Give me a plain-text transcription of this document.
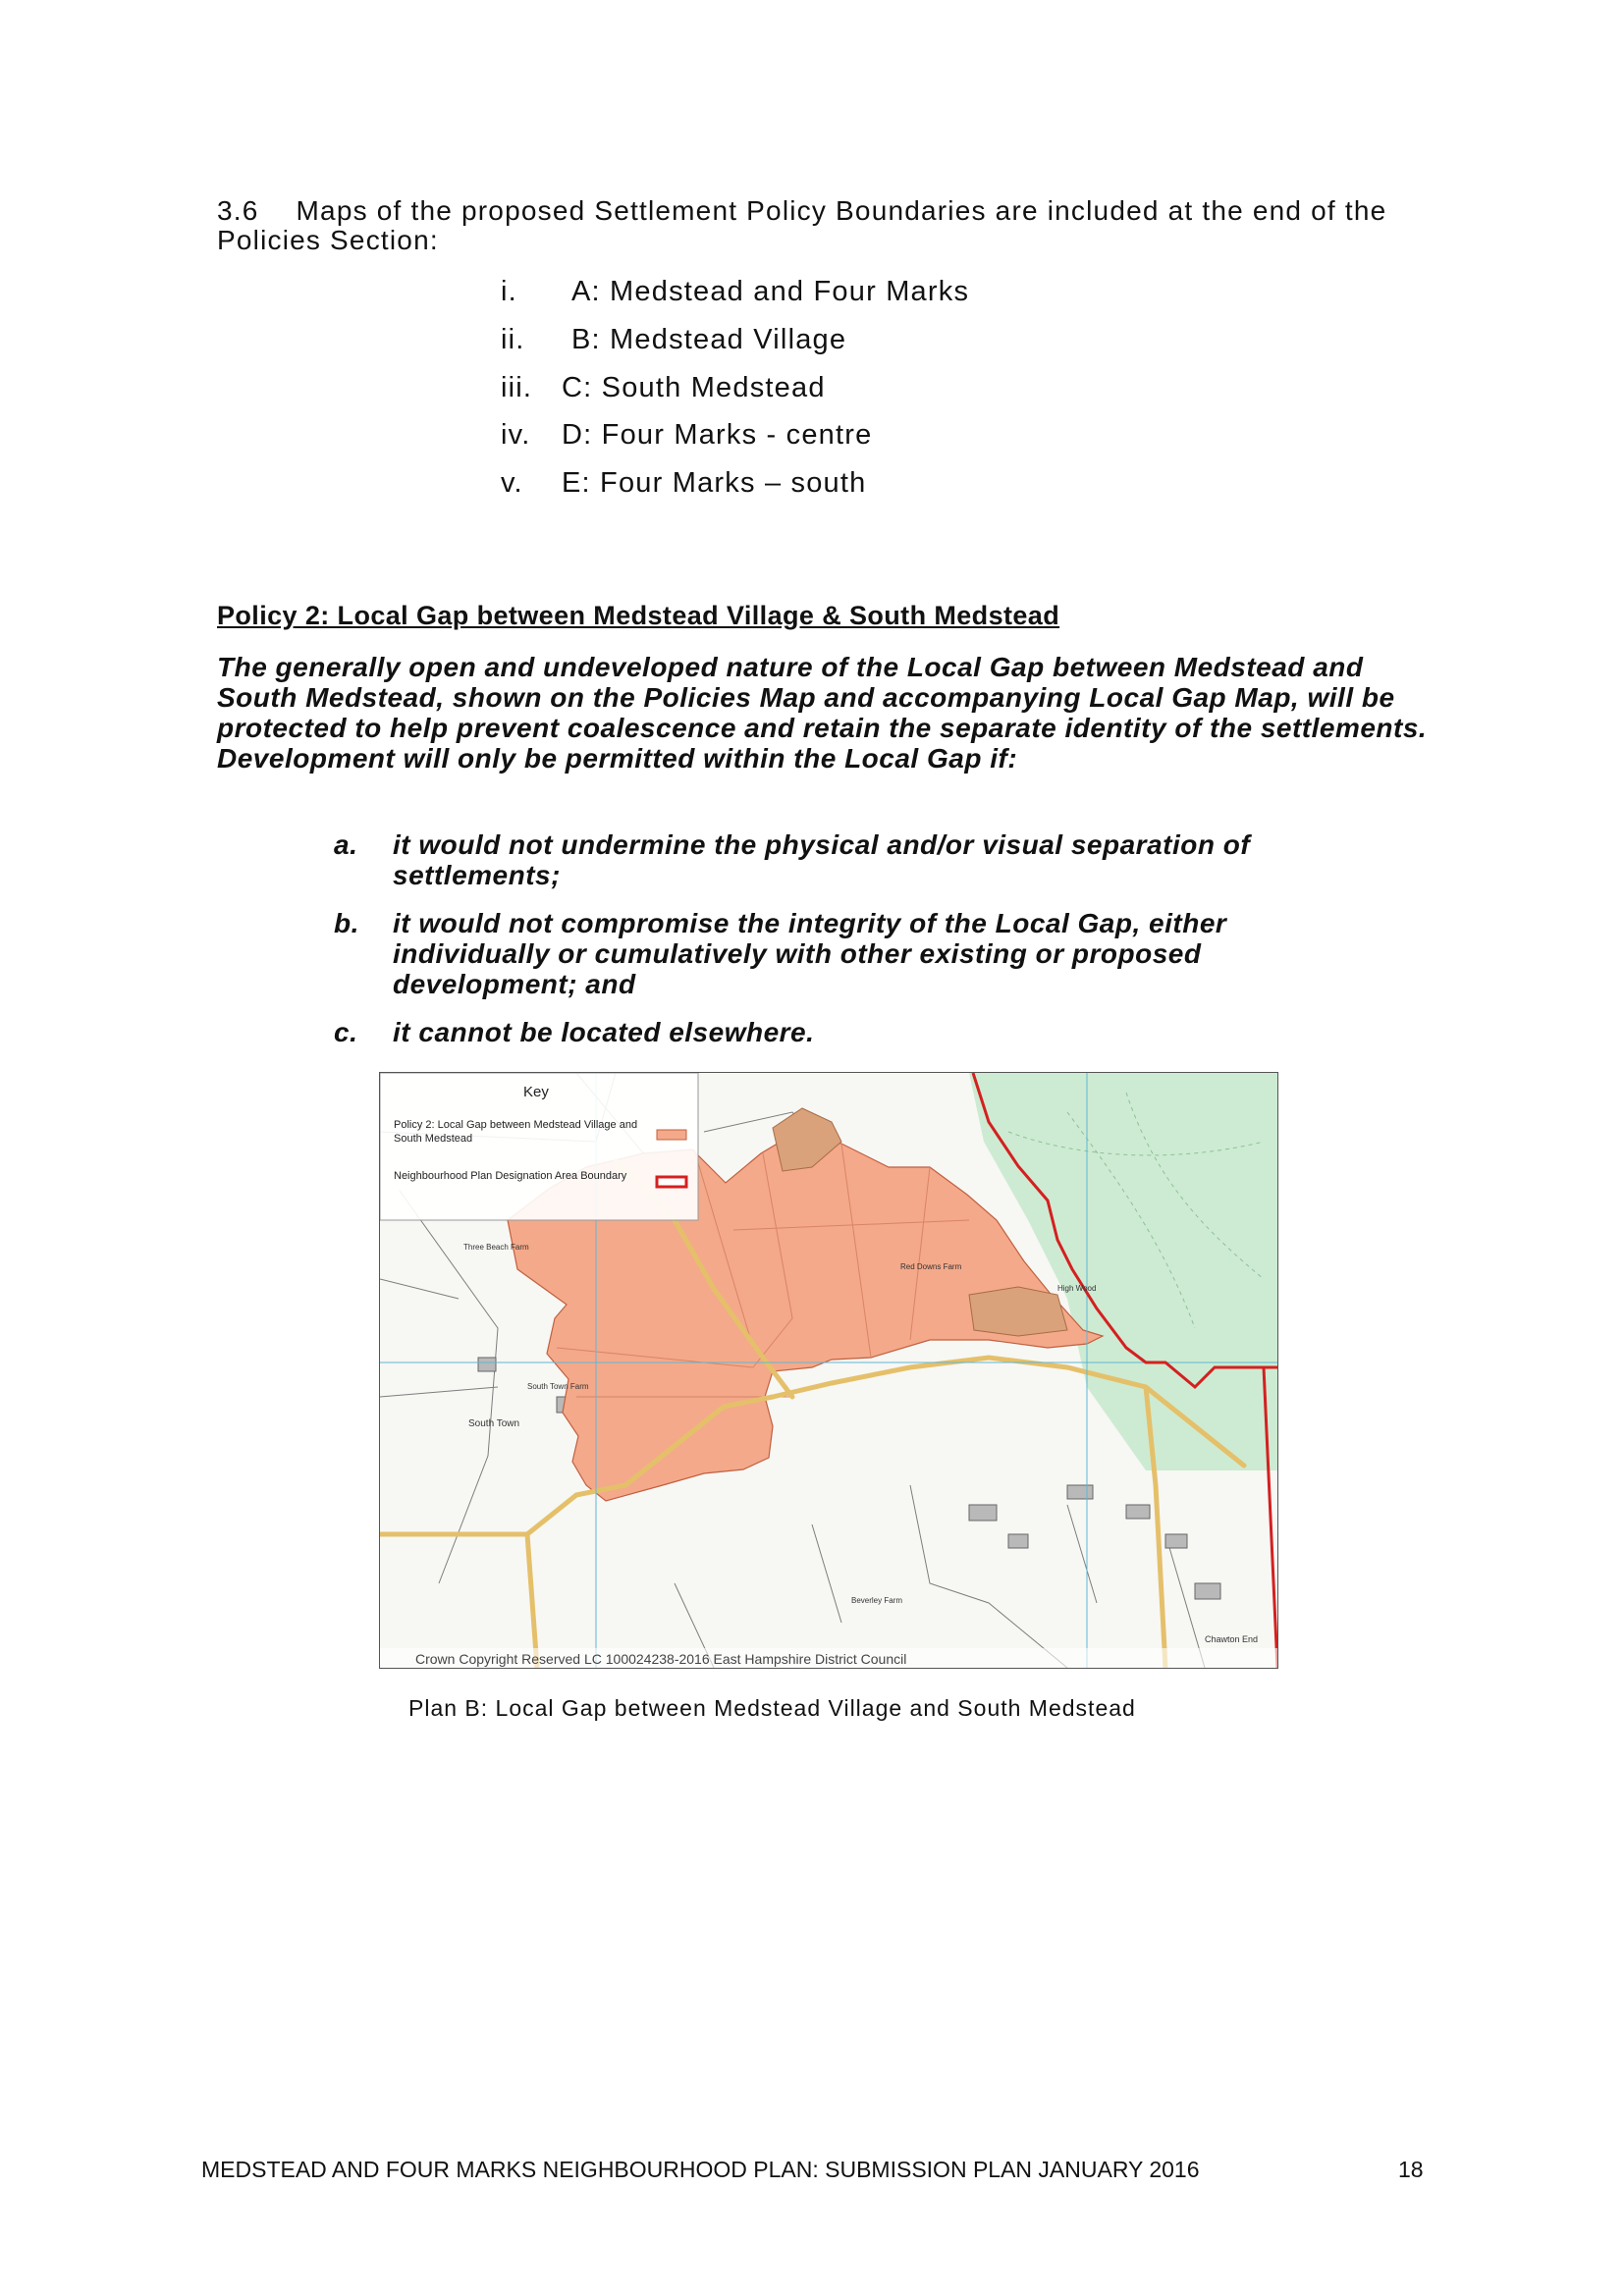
3.6 Maps of the proposed Settlement Policy Boundaries are included at the end of the Policies Section:
i. A: Medstead and Four Marks
ii. B: Medstead Village
iii. C: South Medstead
iv. D: Four Marks - centre
v. E: Four Marks – south
Policy 2: Local Gap between Medstead Village & South Medstead
The generally open and undeveloped nature of the Local Gap between Medstead and South Medstead, shown on the Policies Map and accompanying Local Gap Map, will be protected to help prevent coalescence and retain the separate identity of the settlements. Development will only be permitted within the Local Gap if:
a. it would not undermine the physical and/or visual separation of settlements;
b. it would not compromise the integrity of the Local Gap, either individually or cumulatively with other existing or proposed development; and
c. it cannot be located elsewhere.
Key
Policy 2: Local Gap between Medstead Village and South Medstead
Neighbourhood Plan Designation Area Boundary
South Town
South Town Farm
Three Beach Farm
Red Downs Farm
Beverley Farm
Chawton End
High Wood
Crown Copyright Reserved LC 100024238-2016 East Hampshire District Council
Plan B: Local Gap between Medstead Village and South Medstead
MEDSTEAD AND FOUR MARKS NEIGHBOURHOOD PLAN: SUBMISSION PLAN JANUARY 2016	18
